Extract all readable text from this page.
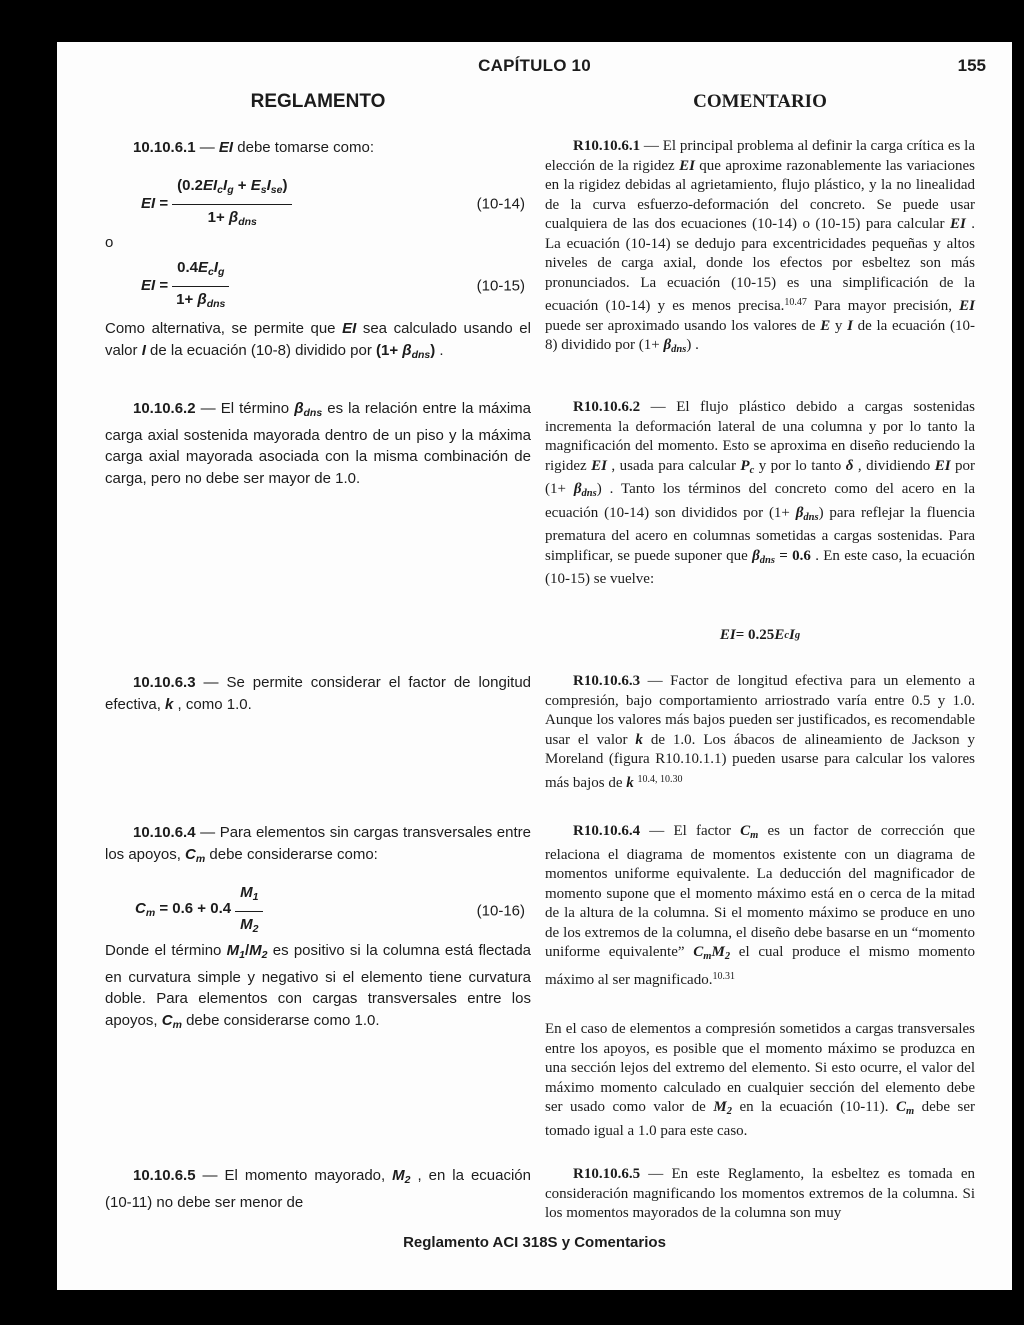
CAPÍTULO 10	155
REGLAMENTO	COMENTARIO
10.10.6.1 — EI debe tomarse como:
EI = $\frac{(0.2EI_cI_g + E_sI_{se})}{1+ \beta_{dns}}$	(10-14)
o
EI = $\frac{0.4E_cI_g}{1+ \beta_{dns}}$	(10-15)
Como alternativa, se permite que EI sea calculado usando el valor I de la ecuación (10-8) dividido por $(1+ \beta_{dns})$ .
10.10.6.2 — El término $\beta_{dns}$ es la relación entre la máxima carga axial sostenida mayorada dentro de un piso y la máxima carga axial mayorada asociada con la misma combinación de carga, pero no debe ser mayor de 1.0.
10.10.6.3 — Se permite considerar el factor de longitud efectiva, k , como 1.0.
10.10.6.4 — Para elementos sin cargas transversales entre los apoyos, $C_m$ debe considerarse como:
$C_m = 0.6 + 0.4 \frac{M_1}{M_2}$	(10-16)
Donde el término $M_1/M_2$ es positivo si la columna está flectada en curvatura simple y negativo si el elemento tiene curvatura doble. Para elementos con cargas transversales entre los apoyos, $C_m$ debe considerarse como 1.0.
10.10.6.5 — El momento mayorado, $M_2$ , en la ecuación (10-11) no debe ser menor de
R10.10.6.1 — El principal problema al definir la carga crítica es la elección de la rigidez EI que aproxime razonablemente las variaciones en la rigidez debidas al agrietamiento, flujo plástico, y la no linealidad de la curva esfuerzo-deformación del concreto. Se puede usar cualquiera de las dos ecuaciones (10-14) o (10-15) para calcular EI . La ecuación (10-14) se dedujo para excentricidades pequeñas y altos niveles de carga axial, donde los efectos por esbeltez son más pronunciados. La ecuación (10-15) es una simplificación de la ecuación (10-14) y es menos precisa.$^{10.47}$ Para mayor precisión, EI puede ser aproximado usando los valores de E y I de la ecuación (10-8) dividido por $(1+ \beta_{dns})$ .
R10.10.6.2 — El flujo plástico debido a cargas sostenidas incrementa la deformación lateral de una columna y por lo tanto la magnificación del momento. Esto se aproxima en diseño reduciendo la rigidez EI , usada para calcular $P_c$ y por lo tanto δ , dividiendo EI por $(1+ \beta_{dns})$ . Tanto los términos del concreto como del acero en la ecuación (10-14) son divididos por $(1+ \beta_{dns})$ para reflejar la fluencia prematura del acero en columnas sometidas a cargas sostenidas. Para simplificar, se puede suponer que $\beta_{dns} = 0.6$ . En este caso, la ecuación (10-15) se vuelve:
EI = 0.25 E c I g
R10.10.6.3 — Factor de longitud efectiva para un elemento a compresión, bajo comportamiento arriostrado varía entre 0.5 y 1.0. Aunque los valores más bajos pueden ser justificados, es recomendable usar el valor k de 1.0. Los ábacos de alineamiento de Jackson y Moreland (figura R10.10.1.1) pueden usarse para calcular los valores más bajos de k $^{10.4, 10.30}$
R10.10.6.4 — El factor $C_m$ es un factor de corrección que relaciona el diagrama de momentos existente con un diagrama de momentos uniforme equivalente. La deducción del magnificador de momento supone que el momento máximo está en o cerca de la mitad de la altura de la columna. Si el momento máximo se produce en uno de los extremos de la columna, el diseño debe basarse en un “momento uniforme equivalente” $C_mM_2$ el cual produce el mismo momento máximo al ser magnificado.$^{10.31}$
En el caso de elementos a compresión sometidos a cargas transversales entre los apoyos, es posible que el momento máximo se produzca en una sección lejos del extremo del elemento. Si esto ocurre, el valor del máximo momento calculado en cualquier sección del elemento debe ser usado como valor de $M_2$ en la ecuación (10-11). $C_m$ debe ser tomado igual a 1.0 para este caso.
R10.10.6.5 — En este Reglamento, la esbeltez es tomada en consideración magnificando los momentos extremos de la columna. Si los momentos mayorados de la columna son muy
Reglamento ACI 318S y Comentarios
